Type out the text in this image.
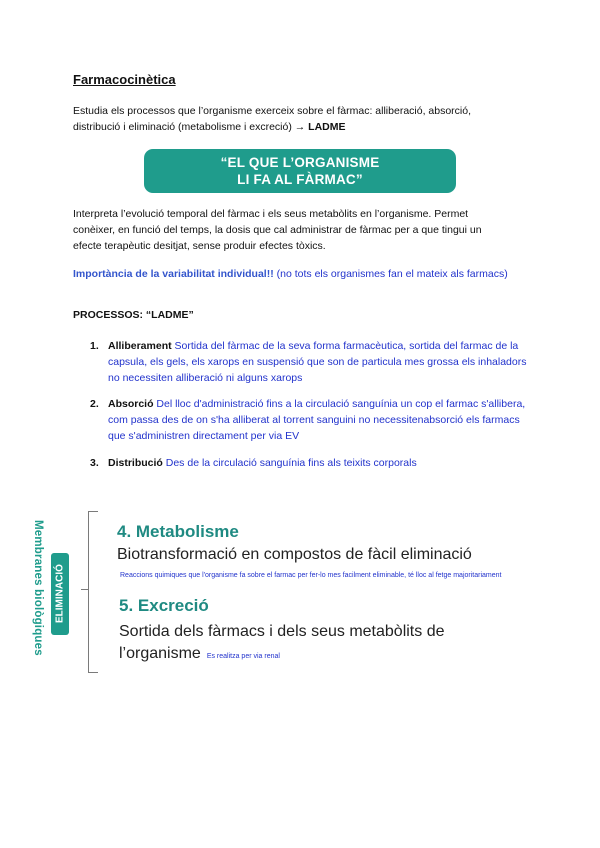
Farmacocinètica
Estudia els processos que l’organisme exerceix sobre el fàrmac: alliberació, absorció, distribució i eliminació (metabolisme i excreció) → LADME
“EL QUE L’ORGANISME
LI FA AL FÀRMAC”
Interpreta l’evolució temporal del fàrmac i els seus metabòlits en l’organisme. Permet conèixer, en funció del temps, la dosis que cal administrar de fàrmac per a que tingui un efecte terapèutic desitjat, sense produir efectes tòxics.
Importància de la variabilitat individual!! (no tots els organismes fan el mateix als farmacs)
PROCESSOS: “LADME”
1. Alliberament Sortida del fàrmac de la seva forma farmacèutica, sortida del farmac de la capsula, els gels, els xarops en suspensió que son de particula mes grossa els inhaladors no necessiten alliberació ni alguns xarops
2. Absorció Del lloc d'administració fins a la circulació sanguínia un cop el farmac s'allibera, com passa des de on s'ha alliberat al torrent sanguini no necessitenabsorció els farmacs que s'administren directament per via EV
3. Distribució Des de la circulació sanguínia fins als teixits corporals
Membranes biològiques	ELIMINACIÓ
4. Metabolisme
Biotransformació en compostos de fàcil eliminació
Reaccions quimiques que l'organisme fa sobre el farmac per fer-lo mes facilment eliminable, té lloc al fetge majoritariament
5. Excreció
Sortida dels fàrmacs i dels seus metabòlits de l’organisme Es realitza per via renal
